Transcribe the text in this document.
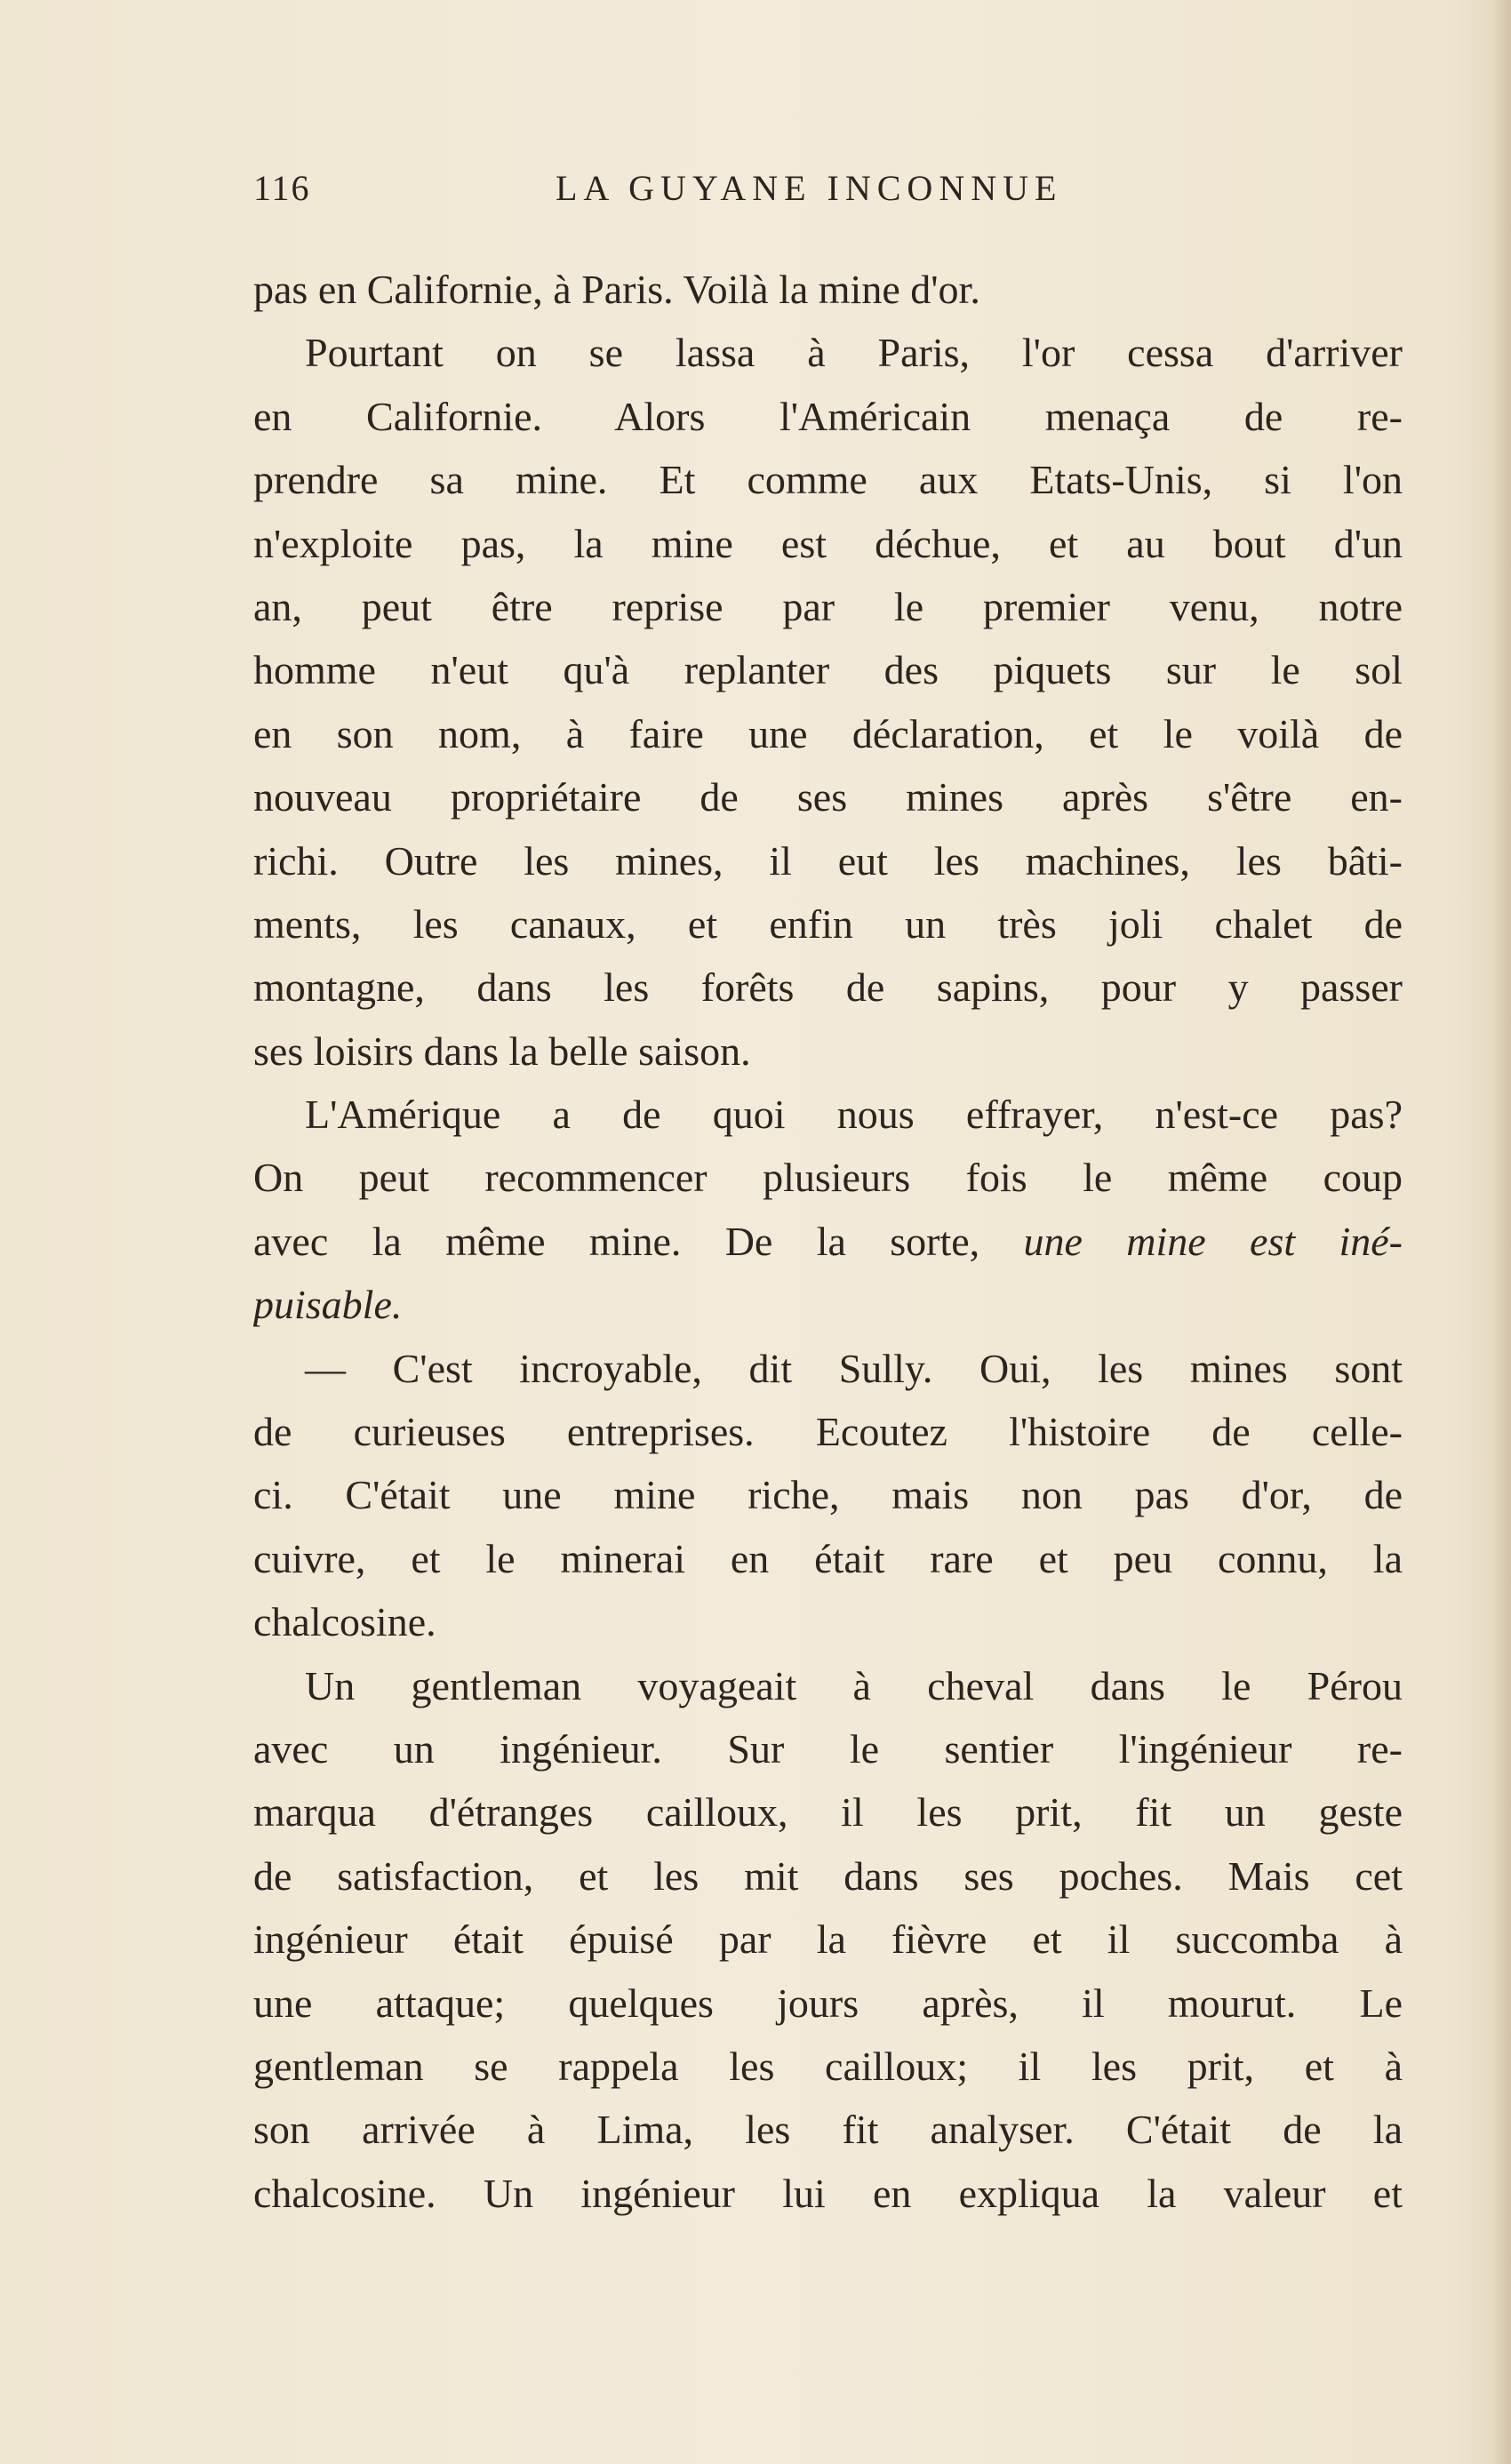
116	LA GUYANE INCONNUE
pas en Californie, à Paris. Voilà la mine d'or.
Pourtant on se lassa à Paris, l'or cessa d'arriver
en Californie. Alors l'Américain menaça de re-
prendre sa mine. Et comme aux Etats-Unis, si l'on
n'exploite pas, la mine est déchue, et au bout d'un
an, peut être reprise par le premier venu, notre
homme n'eut qu'à replanter des piquets sur le sol
en son nom, à faire une déclaration, et le voilà de
nouveau propriétaire de ses mines après s'être en-
richi. Outre les mines, il eut les machines, les bâti-
ments, les canaux, et enfin un très joli chalet de
montagne, dans les forêts de sapins, pour y passer
ses loisirs dans la belle saison.
L'Amérique a de quoi nous effrayer, n'est-ce pas?
On peut recommencer plusieurs fois le même coup
avec la même mine. De la sorte, une mine est iné-
puisable.
— C'est incroyable, dit Sully. Oui, les mines sont
de curieuses entreprises. Ecoutez l'histoire de celle-
ci. C'était une mine riche, mais non pas d'or, de
cuivre, et le minerai en était rare et peu connu, la
chalcosine.
Un gentleman voyageait à cheval dans le Pérou
avec un ingénieur. Sur le sentier l'ingénieur re-
marqua d'étranges cailloux, il les prit, fit un geste
de satisfaction, et les mit dans ses poches. Mais cet
ingénieur était épuisé par la fièvre et il succomba à
une attaque; quelques jours après, il mourut. Le
gentleman se rappela les cailloux; il les prit, et à
son arrivée à Lima, les fit analyser. C'était de la
chalcosine. Un ingénieur lui en expliqua la valeur et
